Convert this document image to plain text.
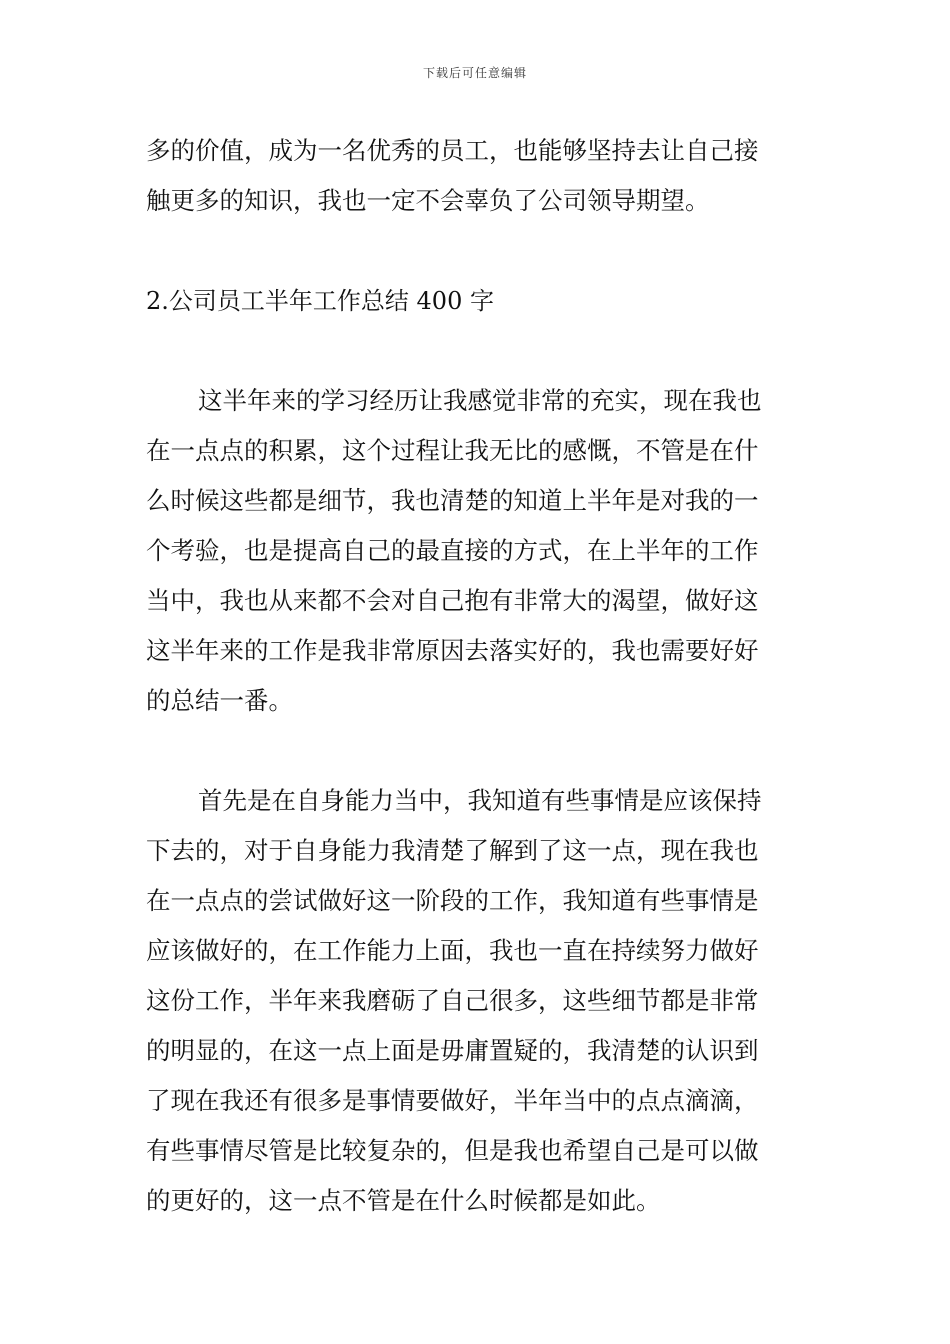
下载后可任意编辑
多的价值，成为一名优秀的员工，也能够坚持去让自己接
触更多的知识，我也一定不会辜负了公司领导期望。
2.公司员工半年工作总结 400 字
这半年来的学习经历让我感觉非常的充实，现在我也
在一点点的积累，这个过程让我无比的感慨，不管是在什
么时候这些都是细节，我也清楚的知道上半年是对我的一
个考验，也是提高自己的最直接的方式，在上半年的工作
当中，我也从来都不会对自己抱有非常大的渴望，做好这
这半年来的工作是我非常原因去落实好的，我也需要好好
的总结一番。
首先是在自身能力当中，我知道有些事情是应该保持
下去的，对于自身能力我清楚了解到了这一点，现在我也
在一点点的尝试做好这一阶段的工作，我知道有些事情是
应该做好的，在工作能力上面，我也一直在持续努力做好
这份工作，半年来我磨砺了自己很多，这些细节都是非常
的明显的，在这一点上面是毋庸置疑的，我清楚的认识到
了现在我还有很多是事情要做好，半年当中的点点滴滴，
有些事情尽管是比较复杂的，但是我也希望自己是可以做
的更好的，这一点不管是在什么时候都是如此。
